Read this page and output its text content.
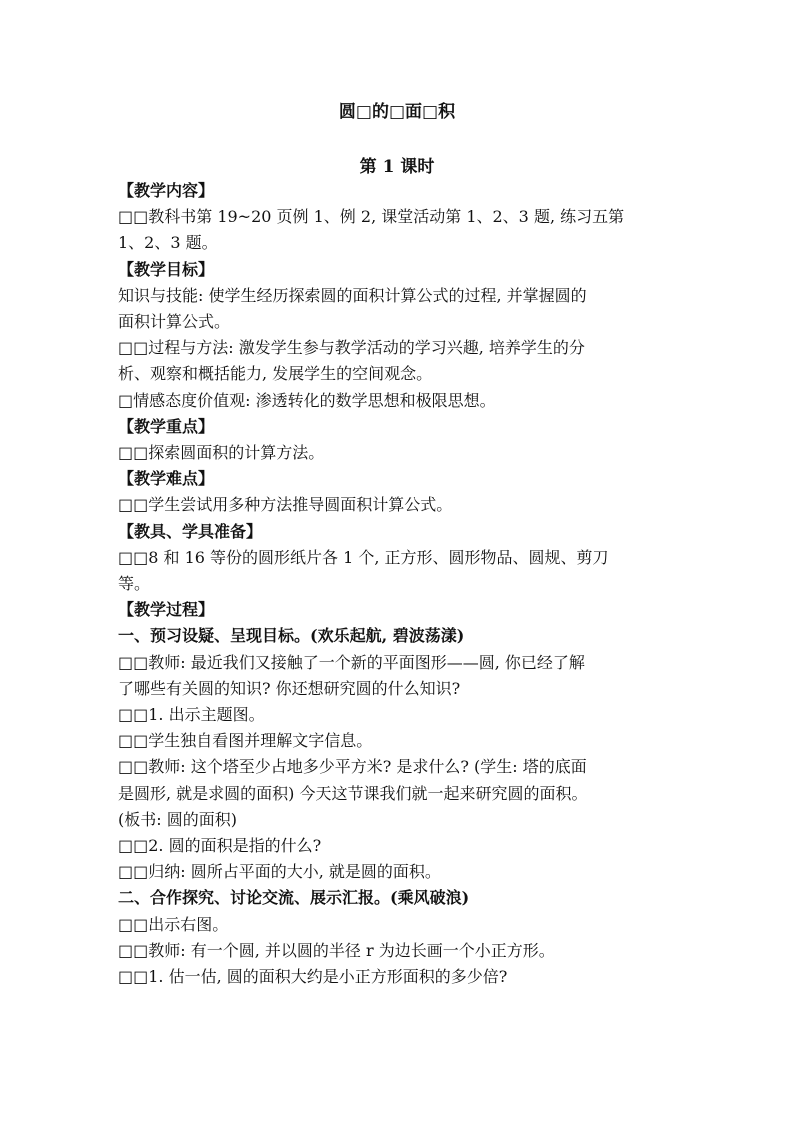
圆□的□面□积
第 1 课时
【教学内容】
□□教科书第 19~20 页例 1、例 2, 课堂活动第 1、2、3 题, 练习五第
1、2、3 题。
【教学目标】
知识与技能: 使学生经历探索圆的面积计算公式的过程, 并掌握圆的
面积计算公式。
□□过程与方法: 激发学生参与教学活动的学习兴趣, 培养学生的分
析、观察和概括能力, 发展学生的空间观念。
□情感态度价值观: 渗透转化的数学思想和极限思想。
【教学重点】
□□探索圆面积的计算方法。
【教学难点】
□□学生尝试用多种方法推导圆面积计算公式。
【教具、学具准备】
□□8 和 16 等份的圆形纸片各 1 个, 正方形、圆形物品、圆规、剪刀
等。
【教学过程】
一、预习设疑、呈现目标。(欢乐起航, 碧波荡漾)
□□教师: 最近我们又接触了一个新的平面图形——圆, 你已经了解
了哪些有关圆的知识? 你还想研究圆的什么知识?
□□1. 出示主题图。
□□学生独自看图并理解文字信息。
□□教师: 这个塔至少占地多少平方米? 是求什么? (学生: 塔的底面
是圆形, 就是求圆的面积) 今天这节课我们就一起来研究圆的面积。
(板书: 圆的面积)
□□2. 圆的面积是指的什么?
□□归纳: 圆所占平面的大小, 就是圆的面积。
二、合作探究、讨论交流、展示汇报。(乘风破浪)
□□出示右图。
□□教师: 有一个圆, 并以圆的半径 r 为边长画一个小正方形。
□□1. 估一估, 圆的面积大约是小正方形面积的多少倍?
